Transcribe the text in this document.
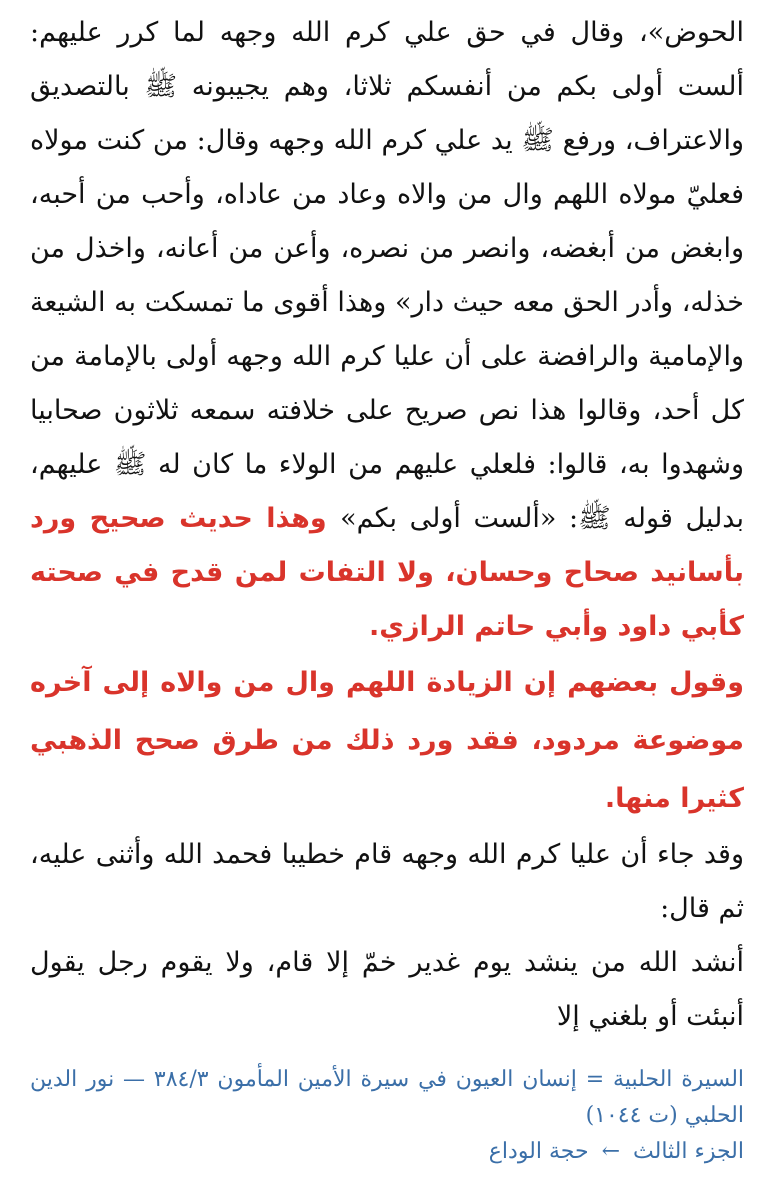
الحوض»، وقال في حق علي كرم الله وجهه لما كرر عليهم: ألست أولى بكم من أنفسكم ثلاثا، وهم يجيبونه ﷺ بالتصديق والاعتراف، ورفع ﷺ يد علي كرم الله وجهه وقال: من كنت مولاه فعليّ مولاه اللهم وال من والاه وعاد من عاداه، وأحب من أحبه، وابغض من أبغضه، وانصر من نصره، وأعن من أعانه، واخذل من خذله، وأدر الحق معه حيث دار» وهذا أقوى ما تمسكت به الشيعة والإمامية والرافضة على أن عليا كرم الله وجهه أولى بالإمامة من كل أحد، وقالوا هذا نص صريح على خلافته سمعه ثلاثون صحابيا وشهدوا به، قالوا: فلعلي عليهم من الولاء ما كان له ﷺ عليهم، بدليل قوله ﷺ: «ألست أولى بكم» وهذا حديث صحيح ورد بأسانيد صحاح وحسان، ولا التفات لمن قدح في صحته كأبي داود وأبي حاتم الرازي.

وقول بعضهم إن الزيادة اللهم وال من والاه إلى آخره موضوعة مردود، فقد ورد ذلك من طرق صحح الذهبي كثيرا منها.

وقد جاء أن عليا كرم الله وجهه قام خطيبا فحمد الله وأثنى عليه، ثم قال:

أنشد الله من ينشد يوم غدير خمّ إلا قام، ولا يقوم رجل يقول أنبئت أو بلغني إلا

السيرة الحلبية = إنسان العيون في سيرة الأمين المأمون ٣٨٤/٣ — نور الدين الحلبي (ت ١٠٤٤)

الجزء الثالث ← حجة الوداع
